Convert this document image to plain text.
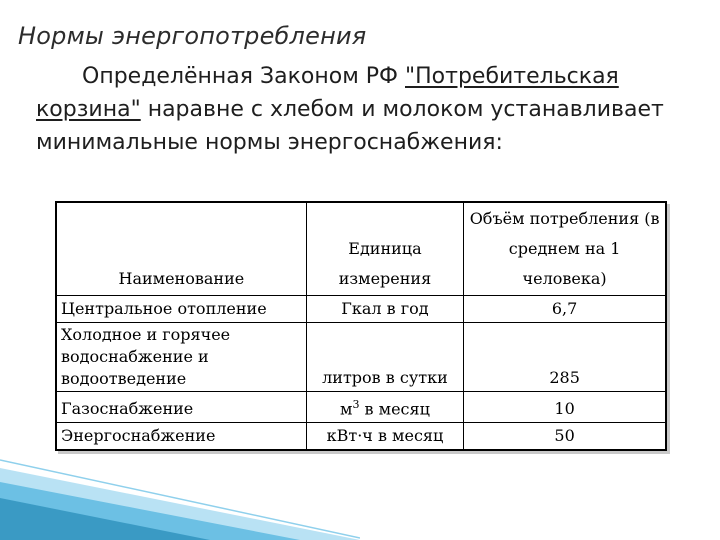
Нормы энергопотребления

Определённая Законом РФ "Потребительская корзина" наравне с хлебом и молоком устанавливает минимальные нормы энергоснабжения:

Наименование	Единица измерения	Объём потребления (в среднем на 1 человека)
Центральное отопление	Гкал в год	6,7
Холодное и горячее водоснабжение и водоотведение	литров в сутки	285
Газоснабжение	$м^3$ в месяц	10
Энергоснабжение	кВт·ч в месяц	50
